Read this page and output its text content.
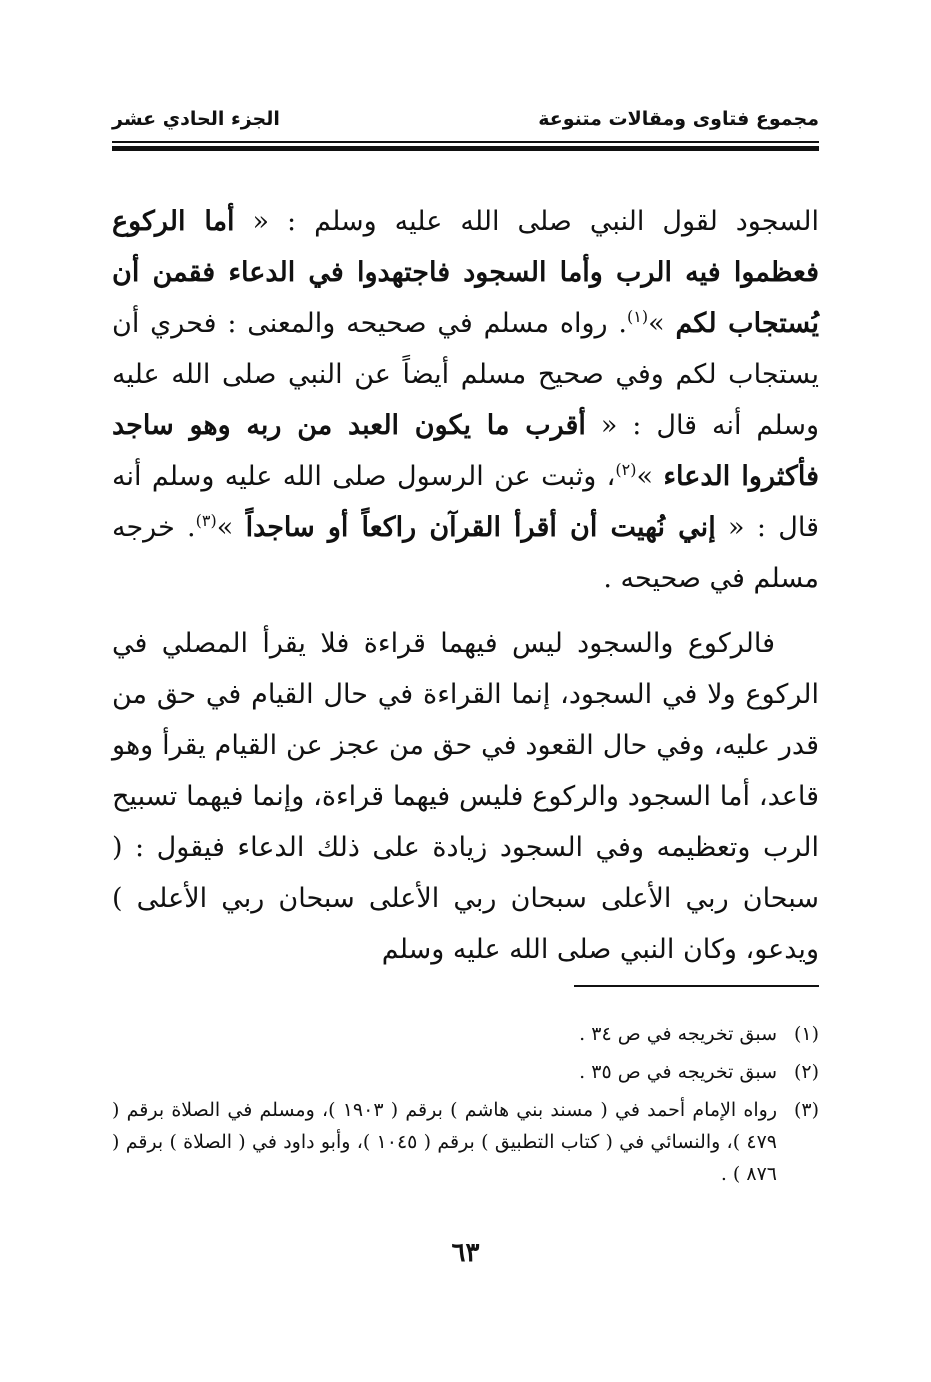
مجموع فتاوى ومقالات متنوعة
الجزء الحادي عشر

السجود لقول النبي صلى الله عليه وسلم : « أما الركوع فعظموا فيه الرب وأما السجود فاجتهدوا في الدعاء فقمن أن يُستجاب لكم »$^{(١)}$. رواه مسلم في صحيحه والمعنى : فحري أن يستجاب لكم وفي صحيح مسلم أيضاً عن النبي صلى الله عليه وسلم أنه قال : « أقرب ما يكون العبد من ربه وهو ساجد فأكثروا الدعاء »$^{(٢)}$، وثبت عن الرسول صلى الله عليه وسلم أنه قال : « إني نُهيت أن أقرأ القرآن راكعاً أو ساجداً »$^{(٣)}$. خرجه مسلم في صحيحه .

فالركوع والسجود ليس فيهما قراءة فلا يقرأ المصلي في الركوع ولا في السجود، إنما القراءة في حال القيام في حق من قدر عليه، وفي حال القعود في حق من عجز عن القيام يقرأ وهو قاعد، أما السجود والركوع فليس فيهما قراءة، وإنما فيهما تسبيح الرب وتعظيمه وفي السجود زيادة على ذلك الدعاء فيقول : ( سبحان ربي الأعلى سبحان ربي الأعلى سبحان ربي الأعلى ) ويدعو، وكان النبي صلى الله عليه وسلم

(١)
سبق تخريجه في ص ٣٤ .
(٢)
سبق تخريجه في ص ٣٥ .
(٣)
رواه الإمام أحمد في ( مسند بني هاشم ) برقم ( ١٩٠٣ )، ومسلم في الصلاة برقم ( ٤٧٩ )، والنسائي في ( كتاب التطبيق ) برقم ( ١٠٤٥ )، وأبو داود في ( الصلاة ) برقم ( ٨٧٦ ) .
٦٣
